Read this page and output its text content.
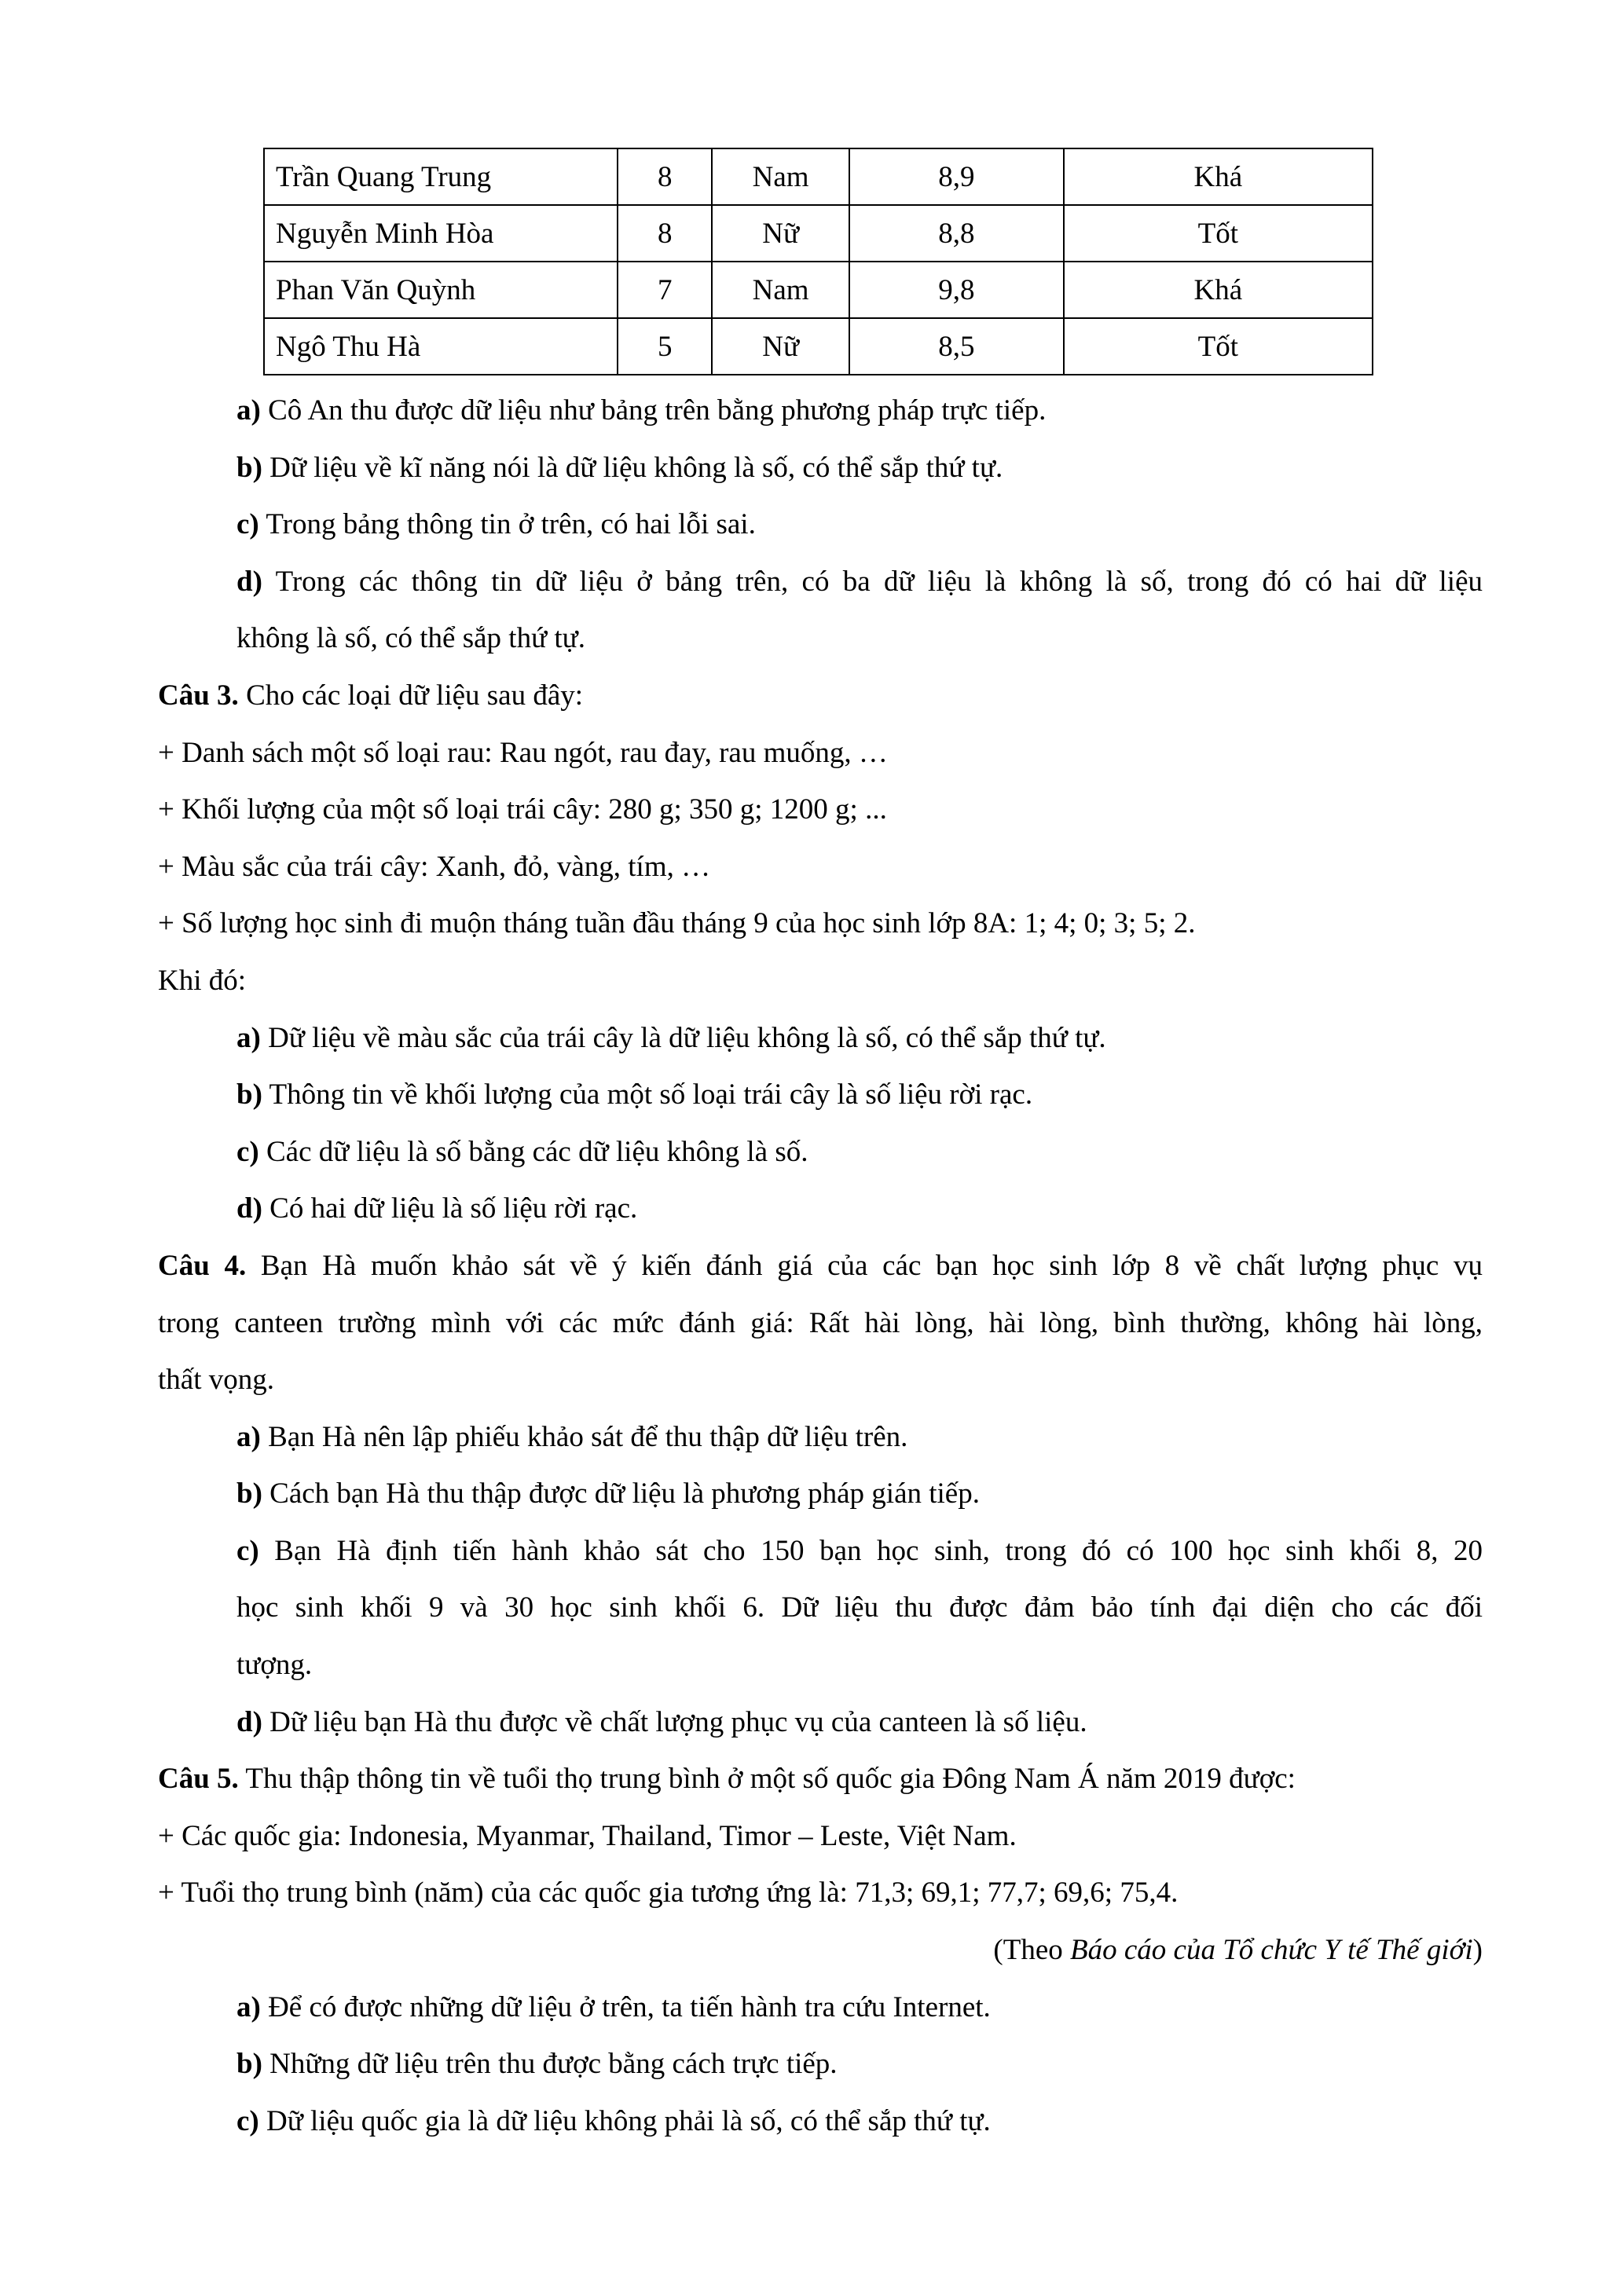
Trần Quang Trung	8	Nam	8,9	Khá
Nguyễn Minh Hòa	8	Nữ	8,8	Tốt
Phan Văn Quỳnh	7	Nam	9,8	Khá
Ngô Thu Hà	5	Nữ	8,5	Tốt
a) Cô An thu được dữ liệu như bảng trên bằng phương pháp trực tiếp.
b) Dữ liệu về kĩ năng nói là dữ liệu không là số, có thể sắp thứ tự.
c) Trong bảng thông tin ở trên, có hai lỗi sai.
d) Trong các thông tin dữ liệu ở bảng trên, có ba dữ liệu là không là số, trong đó có hai dữ liệu
không là số, có thể sắp thứ tự.
Câu 3. Cho các loại dữ liệu sau đây:
+ Danh sách một số loại rau: Rau ngót, rau đay, rau muống, …
+ Khối lượng của một số loại trái cây: 280 g; 350 g; 1200 g; ...
+ Màu sắc của trái cây: Xanh, đỏ, vàng, tím, …
+ Số lượng học sinh đi muộn tháng tuần đầu tháng 9 của học sinh lớp 8A: 1; 4; 0; 3; 5; 2.
Khi đó:
a) Dữ liệu về màu sắc của trái cây là dữ liệu không là số, có thể sắp thứ tự.
b) Thông tin về khối lượng của một số loại trái cây là số liệu rời rạc.
c) Các dữ liệu là số bằng các dữ liệu không là số.
d) Có hai dữ liệu là số liệu rời rạc.
Câu 4. Bạn Hà muốn khảo sát về ý kiến đánh giá của các bạn học sinh lớp 8 về chất lượng phục vụ
trong canteen trường mình với các mức đánh giá: Rất hài lòng, hài lòng, bình thường, không hài lòng,
thất vọng.
a) Bạn Hà nên lập phiếu khảo sát để thu thập dữ liệu trên.
b) Cách bạn Hà thu thập được dữ liệu là phương pháp gián tiếp.
c) Bạn Hà định tiến hành khảo sát cho 150 bạn học sinh, trong đó có 100 học sinh khối 8, 20
học sinh khối 9 và 30 học sinh khối 6. Dữ liệu thu được đảm bảo tính đại diện cho các đối
tượng.
d) Dữ liệu bạn Hà thu được về chất lượng phục vụ của canteen là số liệu.
Câu 5. Thu thập thông tin về tuổi thọ trung bình ở một số quốc gia Đông Nam Á năm 2019 được:
+ Các quốc gia: Indonesia, Myanmar, Thailand, Timor – Leste, Việt Nam.
+ Tuổi thọ trung bình (năm) của các quốc gia tương ứng là: 71,3; 69,1; 77,7; 69,6; 75,4.
(Theo Báo cáo của Tổ chức Y tế Thế giới)
a) Để có được những dữ liệu ở trên, ta tiến hành tra cứu Internet.
b) Những dữ liệu trên thu được bằng cách trực tiếp.
c) Dữ liệu quốc gia là dữ liệu không phải là số, có thể sắp thứ tự.
